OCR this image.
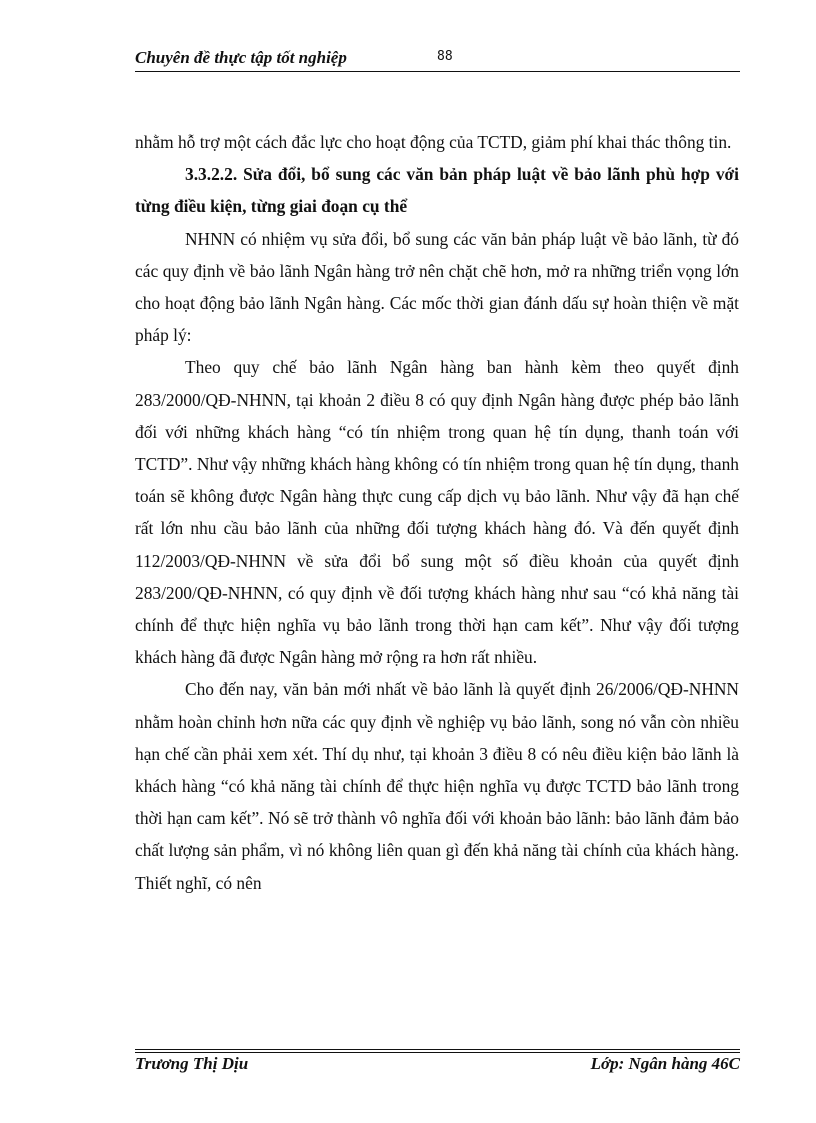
Chuyên đề thực tập tốt nghiệp	88

nhằm hỗ trợ một cách đắc lực cho hoạt động của TCTD, giảm phí khai thác thông tin.

3.3.2.2. Sửa đổi, bổ sung các văn bản pháp luật về bảo lãnh phù hợp với từng điều kiện, từng giai đoạn cụ thể

NHNN có nhiệm vụ sửa đổi, bổ sung các văn bản pháp luật về bảo lãnh, từ đó các quy định về bảo lãnh Ngân hàng trở nên chặt chẽ hơn, mở ra những triển vọng lớn cho hoạt động bảo lãnh Ngân hàng. Các mốc thời gian đánh dấu sự hoàn thiện về mặt pháp lý:

Theo quy chế bảo lãnh Ngân hàng ban hành kèm theo quyết định 283/2000/QĐ-NHNN, tại khoản 2 điều 8 có quy định Ngân hàng được phép bảo lãnh đối với những khách hàng “có tín nhiệm trong quan hệ tín dụng, thanh toán với TCTD”. Như vậy những khách hàng không có tín nhiệm trong quan hệ tín dụng, thanh toán sẽ không được Ngân hàng thực cung cấp dịch vụ bảo lãnh. Như vậy đã hạn chế rất lớn nhu cầu bảo lãnh của những đối tượng khách hàng đó. Và đến quyết định 112/2003/QĐ-NHNN về sửa đổi bổ sung một số điều khoản của quyết định 283/200/QĐ-NHNN, có quy định về đối tượng khách hàng như sau “có khả năng tài chính để thực hiện nghĩa vụ bảo lãnh trong thời hạn cam kết”. Như vậy đối tượng khách hàng đã được Ngân hàng mở rộng ra hơn rất nhiều.

Cho đến nay, văn bản mới nhất về bảo lãnh là quyết định 26/2006/QĐ-NHNN nhằm hoàn chỉnh hơn nữa các quy định về nghiệp vụ bảo lãnh, song nó vẫn còn nhiều hạn chế cần phải xem xét. Thí dụ như, tại khoản 3 điều 8 có nêu điều kiện bảo lãnh là khách hàng “có khả năng tài chính để thực hiện nghĩa vụ được TCTD bảo lãnh trong thời hạn cam kết”. Nó sẽ trở thành vô nghĩa đối với khoản bảo lãnh: bảo lãnh đảm bảo chất lượng sản phẩm, vì nó không liên quan gì đến khả năng tài chính của khách hàng. Thiết nghĩ, có nên

Trương Thị Dịu	Lớp: Ngân hàng 46C
